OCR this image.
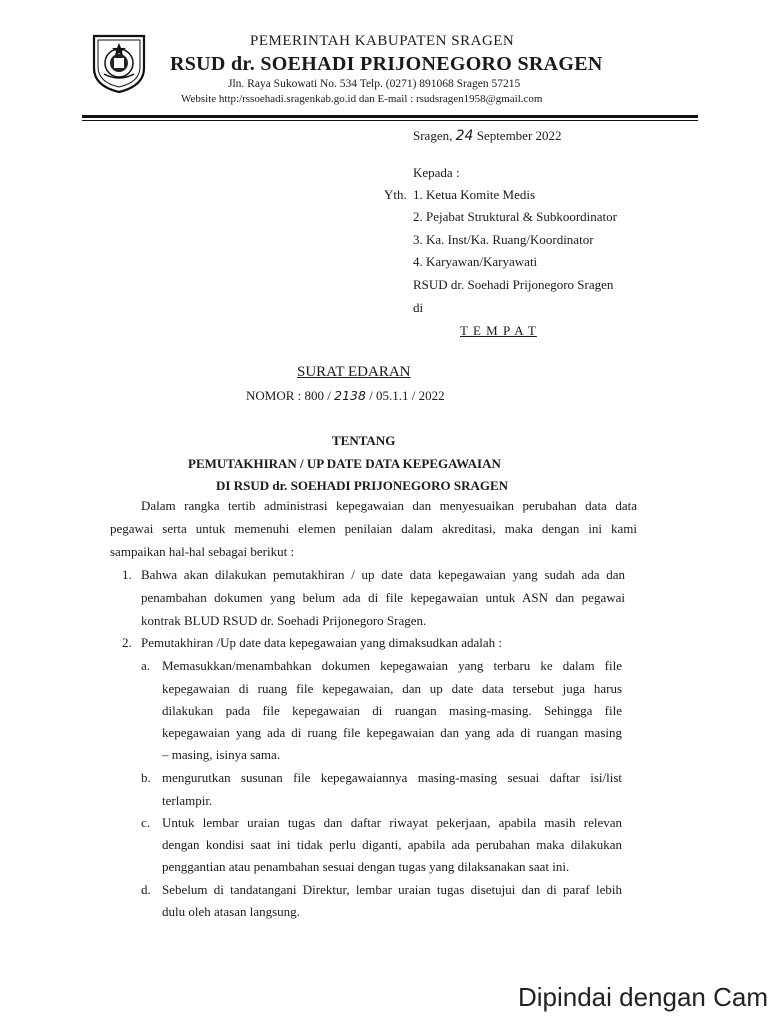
PEMERINTAH KABUPATEN SRAGEN
RSUD dr. SOEHADI PRIJONEGORO SRAGEN
Jln. Raya Sukowati No. 534 Telp. (0271) 891068 Sragen 57215
Website http:/rssoehadi.sragenkab.go.id dan E-mail : rsudsragen1958@gmail.com
Sragen, 24 September 2022
Kepada :
Yth. 1. Ketua Komite Medis
2. Pejabat Struktural & Subkoordinator
3. Ka. Inst/Ka. Ruang/Koordinator
4. Karyawan/Karyawati
RSUD dr. Soehadi Prijonegoro Sragen
di
T E M P A T
SURAT EDARAN
NOMOR : 800 / 2138 / 05.1.1 / 2022
TENTANG
PEMUTAKHIRAN / UP DATE DATA KEPEGAWAIAN
DI RSUD dr. SOEHADI PRIJONEGORO SRAGEN
Dalam rangka tertib administrasi kepegawaian dan menyesuaikan perubahan data data
pegawai serta untuk memenuhi elemen penilaian dalam akreditasi, maka dengan ini kami
sampaikan hal-hal sebagai berikut :
1. Bahwa akan dilakukan pemutakhiran / up date data kepegawaian yang sudah ada dan
penambahan dokumen yang belum ada di file kepegawaian untuk ASN dan pegawai
kontrak BLUD RSUD dr. Soehadi Prijonegoro Sragen.
2. Pemutakhiran /Up date data kepegawaian yang dimaksudkan adalah :
a. Memasukkan/menambahkan dokumen kepegawaian yang terbaru ke dalam file
kepegawaian di ruang file kepegawaian, dan up date data tersebut juga harus
dilakukan pada file kepegawaian di ruangan masing-masing. Sehingga file
kepegawaian yang ada di ruang file kepegawaian dan yang ada di ruangan masing
– masing, isinya sama.
b. mengurutkan susunan file kepegawaiannya masing-masing sesuai daftar isi/list
terlampir.
c. Untuk lembar uraian tugas dan daftar riwayat pekerjaan, apabila masih relevan
dengan kondisi saat ini tidak perlu diganti, apabila ada perubahan maka dilakukan
penggantian atau penambahan sesuai dengan tugas yang dilaksanakan saat ini.
d. Sebelum di tandatangani Direktur, lembar uraian tugas disetujui dan di paraf lebih
dulu oleh atasan langsung.
Dipindai dengan Cam
